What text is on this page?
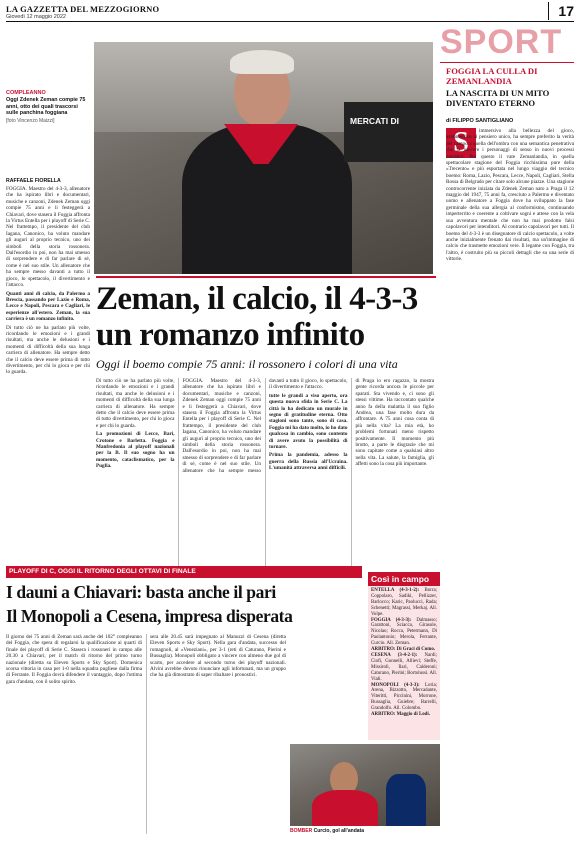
LA GAZZETTA DEL MEZZOGIORNO
Giovedì 12 maggio 2022	17
SPORT
MERCATI DI
COMPLEANNO
Oggi Zdenek Zeman compie 75 anni, otto dei quali trascorsi sulle panchina foggiana
[foto Vincenzo Maizzi]
RAFFAELE FIORELLA

FOGGIA. Maestro del 4-3-3, allenatore che ha ispirato libri e documentari, musiche e canzoni, Zdenek Zeman oggi compie 75 anni e li festeggerà a Chiavari, dove stasera il Foggia affronta la Virtus Entella per i playoff di Serie C. Nel frattempo, il presidente del club Iagana, Canonico, ha voluto mandare gli auguri al proprio tecnico, uno dei simboli della storia rossonera. Dall'esordio in poi, non ha mai smesso di sorprendere e di far parlare di sé, come è nel suo stile. Un allenatore che ha sempre messo davanti a tutto il gioco, lo spettacolo, il divertimento e l'attacco.

Quanti anni di calcio, da Palermo a Brescia, passando per Lazio e Roma, Lecce e Napoli, Pescara e Cagliari, le esperienze all'estero. Zeman, la sua carriera è un romanzo infinito.

Di tutto ciò ne ha parlato più volte, ricordando le emozioni e i grandi risultati, ma anche le delusioni e i momenti di difficoltà della sua lunga carriera di allenatore. Ha sempre detto che il calcio deve essere prima di tutto divertimento, per chi lo gioca e per chi lo guarda.

Zeman, il calcio, il 4-3-3
un romanzo infinito
Oggi il boemo compie 75 anni: il rossonero i colori di una vita

Di tutto ciò ne ha parlato più volte, ricordando le emozioni e i grandi risultati, ma anche le delusioni e i momenti di difficoltà della sua lunga carriera di allenatore. Ha sempre detto che il calcio deve essere prima di tutto divertimento, per chi lo gioca e per chi lo guarda.

La promozioni di Lecce, Bari, Crotone e Barletta. Foggia e Manfredonia al playoff nazionali per la B. Il suo sogno ha un momento, cataclismatico, per la Puglia.

FOGGIA. Maestro del 4-3-3, allenatore che ha ispirato libri e documentari, musiche e canzoni, Zdenek Zeman oggi compie 75 anni e li festeggerà a Chiavari, dove stasera il Foggia affronta la Virtus Entella per i playoff di Serie C. Nel frattempo, il presidente del club Iagana, Canonico, ha voluto mandare gli auguri al proprio tecnico, uno dei simboli della storia rossonera. Dall'esordio in poi, non ha mai smesso di sorprendere e di far parlare di sé, come è nel suo stile. Un allenatore che ha sempre messo davanti a tutto il gioco, lo spettacolo, il divertimento e l'attacco.

tutte le grandi a viso aperto, ora questa nuova sfida in Serie C. La città lo ha dedicato un murale in segno di gratitudine eterna. Otto stagioni sono tante, sono di casa. Foggia mi ha dato molto, io ho dato qualcosa in cambio, sono contento di avere avuto la possibilità di tornare.

Prima la pandemia, adesso la guerra della Russia all'Ucraina. L'umanità attraversa anni difficili.

di Praga io ero ragazzo, la mostra gente ricorda ancora le piccole per sparati. Sta vivendo e, ci sono gli stessi vittime. Ha raccontato qualche anno fa della malattia il suo figlio Andrea, una fase molto dura da affrontare. A 75 anni cosa conta di più nella vita? La mia età, ho problemi fortunati meno rispetto positivamente. Il momento più brutto, a parte le disgrazie che mi sono capitate come a qualsiasi altro nella vita. La salute, la famiglia, gli affetti sono la cosa più importante.

FOGGIA LA CULLA DI ZEMANLANDIA
LA NASCITA DI UN MITO DIVENTATO ETERNO
di FILIPPO SANTIGLIANO
S	immersivo alla bellezza del gioco, asimmetrico al pensiero unico, ha sempre preferito la verità del campo a quella dell'ombra con una semantica penetrativa che fa nascere i personaggi di senso in nuovi processi narrativi. Per questo il vate Zemanlandia, in quella spettacolare stagione del Foggia ricchissima pure della «Trecento» e più esportata nel lungo viaggio del tecnico boemo: Roma, Lazio, Pescara, Lecce, Napoli, Cagliari, Stella Rossa di Belgrado per citare solo alcune piazze. Una stagione controcorrente iniziata da Zdenek Zeman nato a Praga il 12 maggio del 1947, 75 anni fa, cresciuto a Palermo e diventato uomo e allenatore a Foggia dove ha sviluppato la fase germinale della sua allergia al conformismo, continuando imperterrito e coerente a coltivare sogni e attese con la vela sua avventura mentale che non ha mai prodotto falsi capolavori per intenditori. Al contrario capolavori per tutti. Il boemo del 4-3-3 è un disegnatore di calcio spettacolo, a volte anche inizialmente frenato dai risultati, ma un'immagine di calcio che trasmette emozioni vere. Il legame con Foggia, tra l'altro, è costruito più su piccoli dettagli che su una serie di vittorie.

Così in campo
ENTELLA (4-3-1-2): Borra; Coppolaro, Sadiki, Pellizzer, Barlocco; Karic, Paolucci, Rada; Schenetti; Magrassi, Merkaj. All. Volpe.
FOGGIA (4-3-3): Dalmasso; Garattoni, Sciacca, Girasole, Nicolao; Rocca, Petermann, Di Paolantonio; Merola, Ferrante, Curcio. All. Zeman.
ARBITRO: Di Graci di Como.
CESENA (3-4-2-1): Nardi; Ciofi, Gonnelli, Allievi; Steffe, Missiroli, Ilari, Calderoni; Caturano, Pierini; Bortolussi. All. Viali.
MONOPOLI (4-3-3): Loria; Arena, Bizzotto, Mercadante, Viteritti, Piccinini, Morrone, Bussaglia, Guiebre; Barrelli, Grandolfo. All. Colombo.
ARBITRO: Maggio di Lodi.
PLAYOFF DI C, OGGI IL RITORNO DEGLI OTTAVI DI FINALE
I dauni a Chiavari: basta anche il pari
Il Monopoli a Cesena, impresa disperata

Il giorno dei 75 anni di Zeman sarà anche del 102° compleanno del Foggia, che spera di regalarsi la qualificazione ai quarti di finale dei playoff di Serie C. Stasera i rossoneri in campo alle 20.30 a Chiavari, per il match di ritorno del primo turno nazionale (diretta su Eleven Sports e Sky Sport). Domenica scorsa vittoria in casa per 1-0 nella squadra pugliese dalla firma di Ferrante. Il Foggia dovrà difendere il vantaggio, dopo l'ottima gara d'andata, con il solito spirito.

sera alle 20.45 sarà impegnato al Manuzzi di Cesena (diretta Eleven Sports e Sky Sport). Nella gara d'andata, successo del romagnoli, al «Veneziani», per 3-1 (reti di Caturano, Pierini e Bussaglia). Monopoli obbligato a vincere con almeno due gol di scarto, per accedere al secondo turno dei playoff nazionali. Alvini avrebbe dovuto rinunciare agli infortunati, ma un gruppo che ha già dimostrato di saper ribaltare i pronostici.

BOMBER Curcio, gol all'andata
